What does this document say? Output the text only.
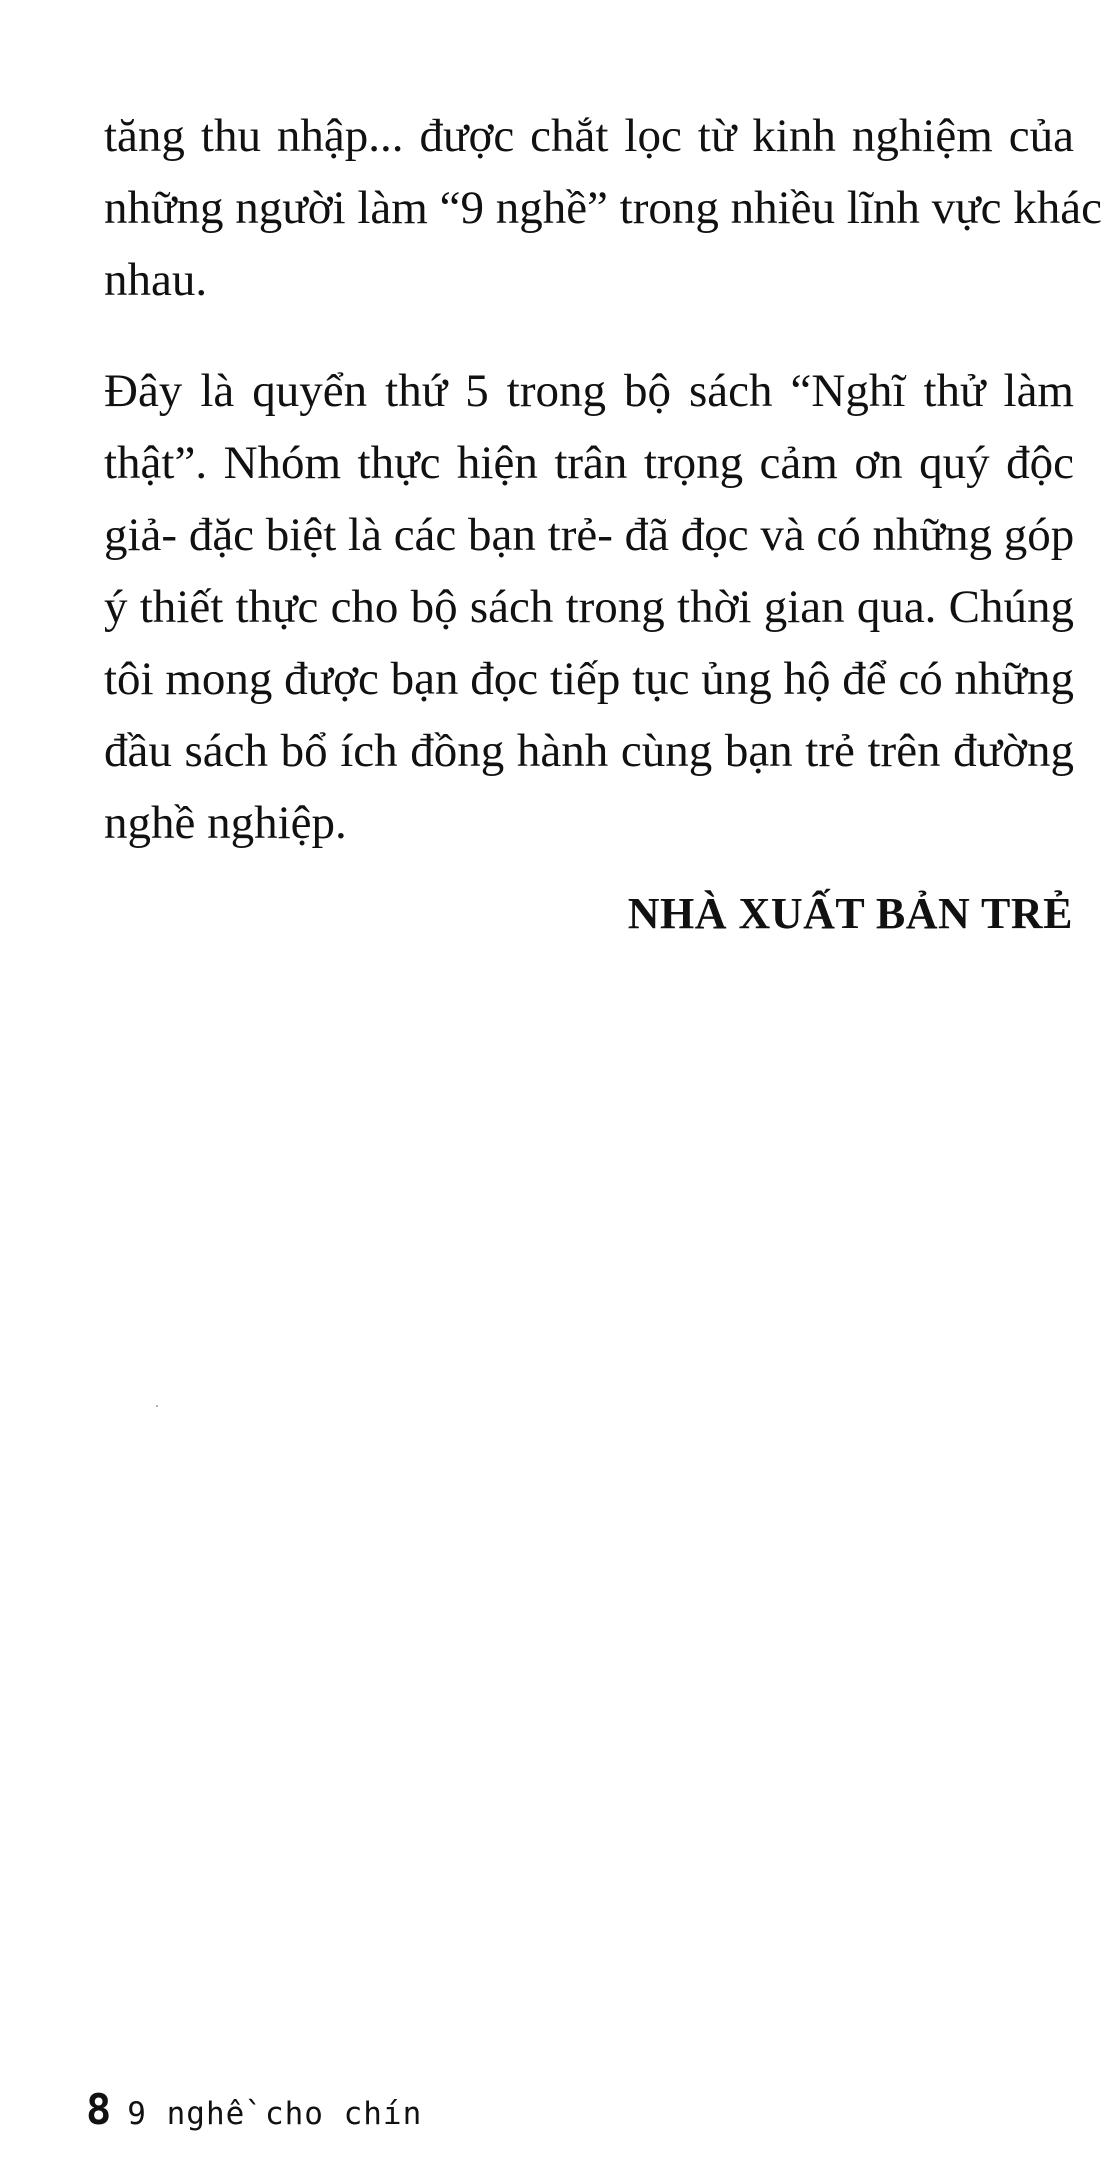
tăng thu nhập... được chắt lọc từ kinh nghiệm của
những người làm “9 nghề” trong nhiều lĩnh vực khác
nhau.
Đây là quyển thứ 5 trong bộ sách “Nghĩ thử làm
thật”. Nhóm thực hiện trân trọng cảm ơn quý độc
giả- đặc biệt là các bạn trẻ- đã đọc và có những góp
ý thiết thực cho bộ sách trong thời gian qua. Chúng
tôi mong được bạn đọc tiếp tục ủng hộ để có những
đầu sách bổ ích đồng hành cùng bạn trẻ trên đường
nghề nghiệp.
NHÀ XUẤT BẢN TRẺ
8 9 nghề cho chín
